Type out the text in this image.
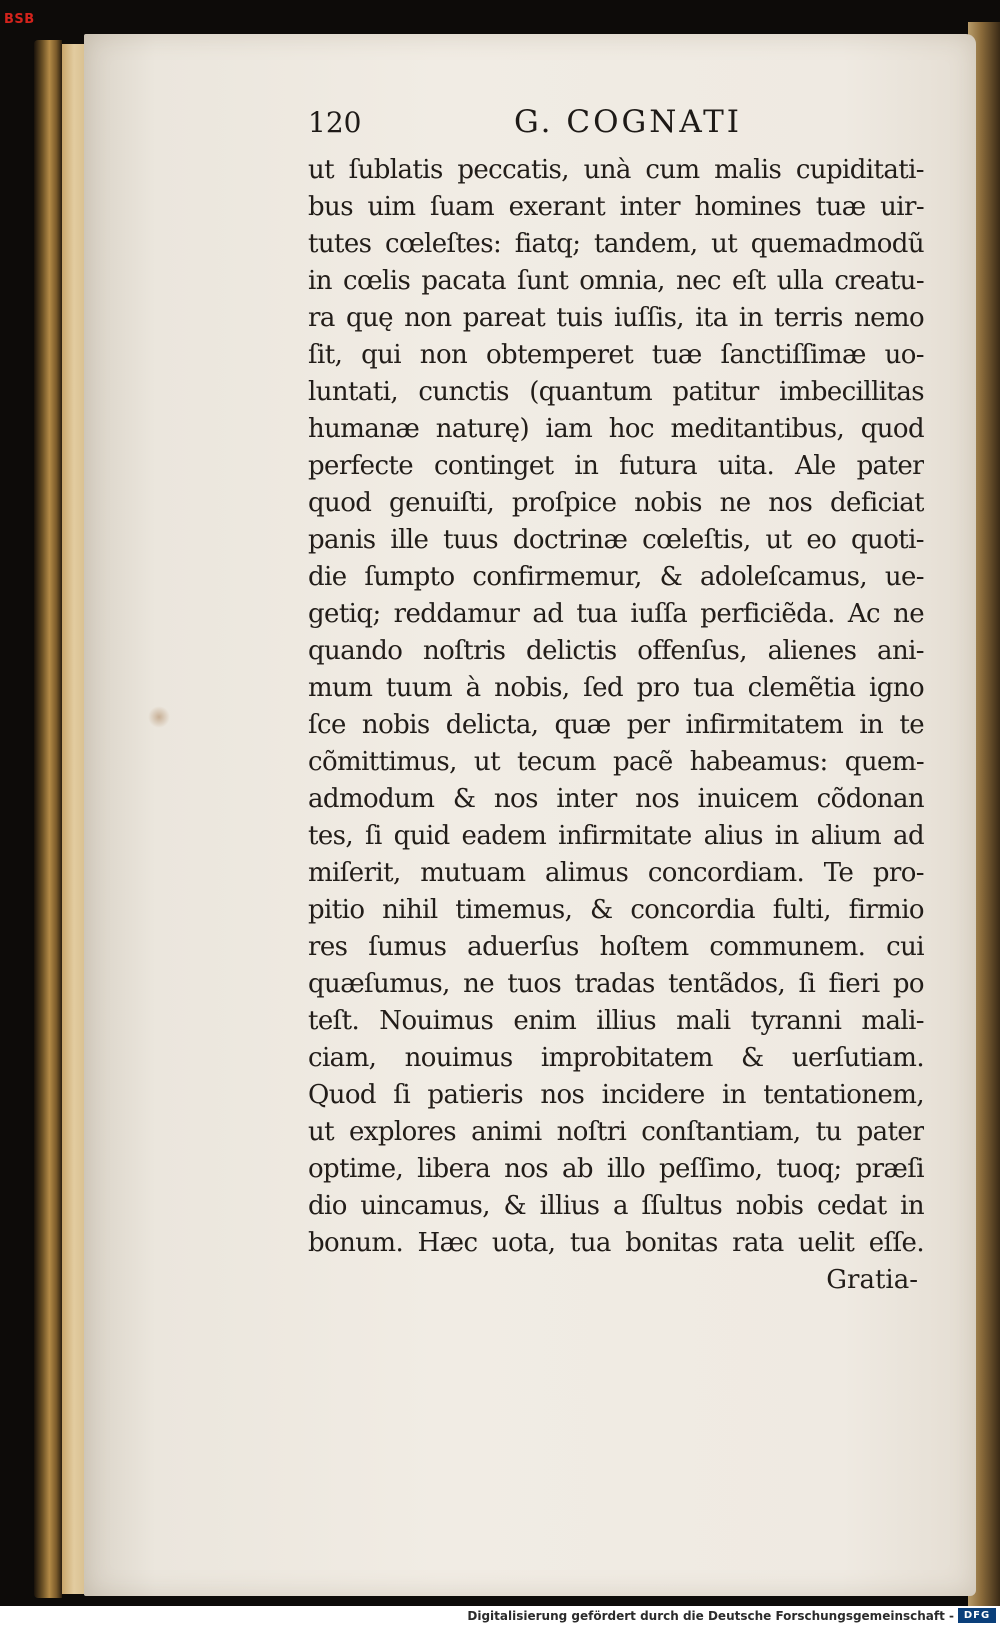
BSB
120	G. COGNATI
ut ſublatis peccatis, unà cum malis cupiditati-
bus uim ſuam exerant inter homines tuæ uir-
tutes cœleſtes: fiatq; tandem, ut quemadmodũ
in cœlis pacata ſunt omnia, nec eſt ulla creatu-
ra quę non pareat tuis iuſſis, ita in terris nemo
ſit, qui non obtemperet tuæ ſanctiſſimæ uo-
luntati, cunctis (quantum patitur imbecillitas
humanæ naturę) iam hoc meditantibus, quod
perfecte continget in futura uita. Ale pater
quod genuiſti, proſpice nobis ne nos deficiat
panis ille tuus doctrinæ cœleſtis, ut eo quoti-
die ſumpto confirmemur, & adoleſcamus, ue-
getiq; reddamur ad tua iuſſa perficiẽda. Ac ne
quando noſtris delictis offenſus, alienes ani-
mum tuum à nobis, ſed pro tua clemẽtia igno
ſce nobis delicta, quæ per infirmitatem in te
cõmittimus, ut tecum pacẽ habeamus: quem-
admodum & nos inter nos inuicem cõdonan
tes, ſi quid eadem infirmitate alius in alium ad
miſerit, mutuam alimus concordiam. Te pro-
pitio nihil timemus, & concordia fulti, firmio
res ſumus aduerſus hoſtem communem. cui
quæſumus, ne tuos tradas tentãdos, ſi fieri po
teſt. Nouimus enim illius mali tyranni mali-
ciam, nouimus improbitatem & uerſutiam.
Quod ſi patieris nos incidere in tentationem,
ut explores animi noſtri conſtantiam, tu pater
optime, libera nos ab illo peſſimo, tuoq; præſi
dio uincamus, & illius a ſſultus nobis cedat in
bonum. Hæc uota, tua bonitas rata uelit eſſe.
Gratia-
Digitalisierung gefördert durch die Deutsche Forschungsgemeinschaft - DFG
